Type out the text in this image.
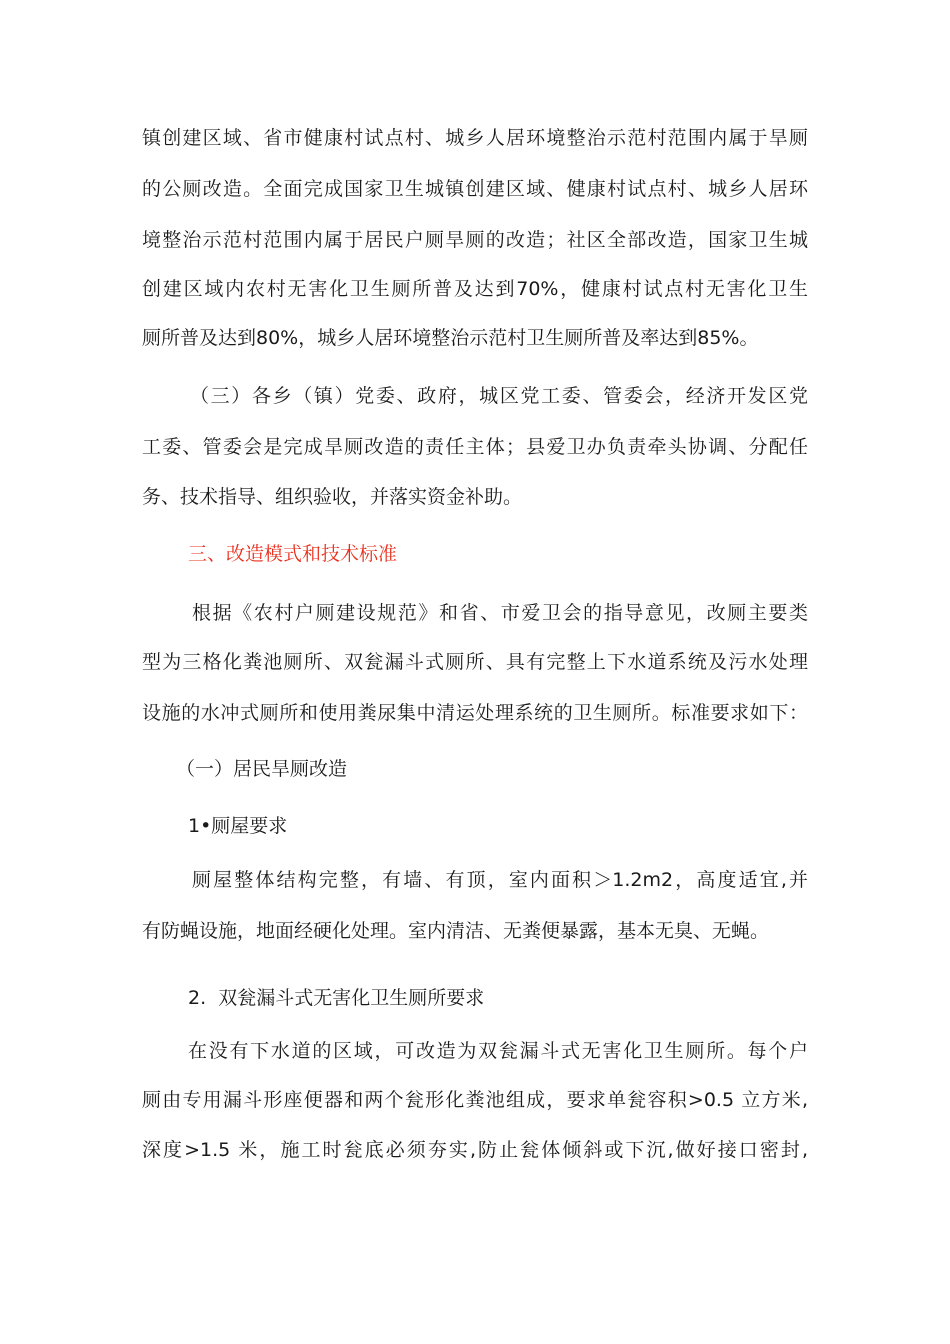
镇创建区域、省市健康村试点村、城乡人居环境整治示范村范围内属于旱厕
的公厕改造。全面完成国家卫生城镇创建区域、健康村试点村、城乡人居环
境整治示范村范围内属于居民户厕旱厕的改造；社区全部改造，国家卫生城
创建区域内农村无害化卫生厕所普及达到70%，健康村试点村无害化卫生
厕所普及达到80%，城乡人居环境整治示范村卫生厕所普及率达到85%。
（三）各乡（镇）党委、政府，城区党工委、管委会，经济开发区党
工委、管委会是完成旱厕改造的责任主体；县爱卫办负责牵头协调、分配任
务、技术指导、组织验收，并落实资金补助。
三、改造模式和技术标准
根据《农村户厕建设规范》和省、市爱卫会的指导意见，改厕主要类
型为三格化粪池厕所、双瓮漏斗式厕所、具有完整上下水道系统及污水处理
设施的水冲式厕所和使用粪尿集中清运处理系统的卫生厕所。标准要求如下：
（一）居民旱厕改造
1•厕屋要求
厕屋整体结构完整，有墙、有顶，室内面积＞1.2m2，高度适宜,并
有防蝇设施，地面经硬化处理。室内清洁、无粪便暴露，基本无臭、无蝇。
2.  双瓮漏斗式无害化卫生厕所要求
在没有下水道的区域，可改造为双瓮漏斗式无害化卫生厕所。每个户
厕由专用漏斗形座便器和两个瓮形化粪池组成，要求单瓮容积>0.5 立方米,
深度>1.5 米，施工时瓮底必须夯实,防止瓮体倾斜或下沉,做好接口密封,
